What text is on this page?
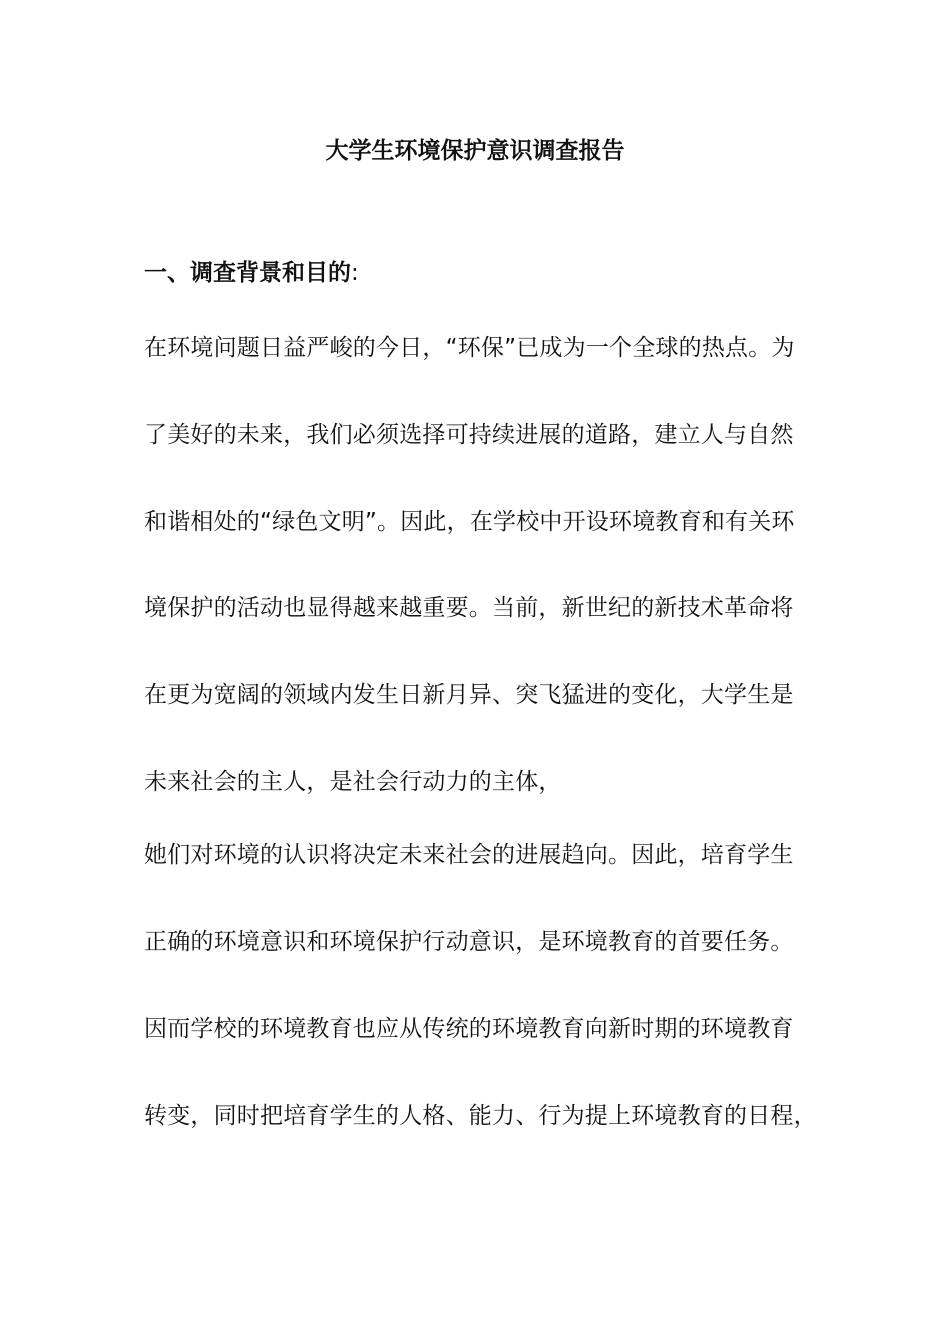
大学生环境保护意识调查报告
一、调查背景和目的:
在环境问题日益严峻的今日，“环保”已成为一个全球的热点。为
了美好的未来，我们必须选择可持续进展的道路，建立人与自然
和谐相处的“绿色文明”。因此，在学校中开设环境教育和有关环
境保护的活动也显得越来越重要。当前，新世纪的新技术革命将
在更为宽阔的领域内发生日新月异、突飞猛进的变化，大学生是
未来社会的主人，是社会行动力的主体，
她们对环境的认识将决定未来社会的进展趋向。因此，培育学生
正确的环境意识和环境保护行动意识，是环境教育的首要任务。
因而学校的环境教育也应从传统的环境教育向新时期的环境教育
转变，同时把培育学生的人格、能力、行为提上环境教育的日程，
